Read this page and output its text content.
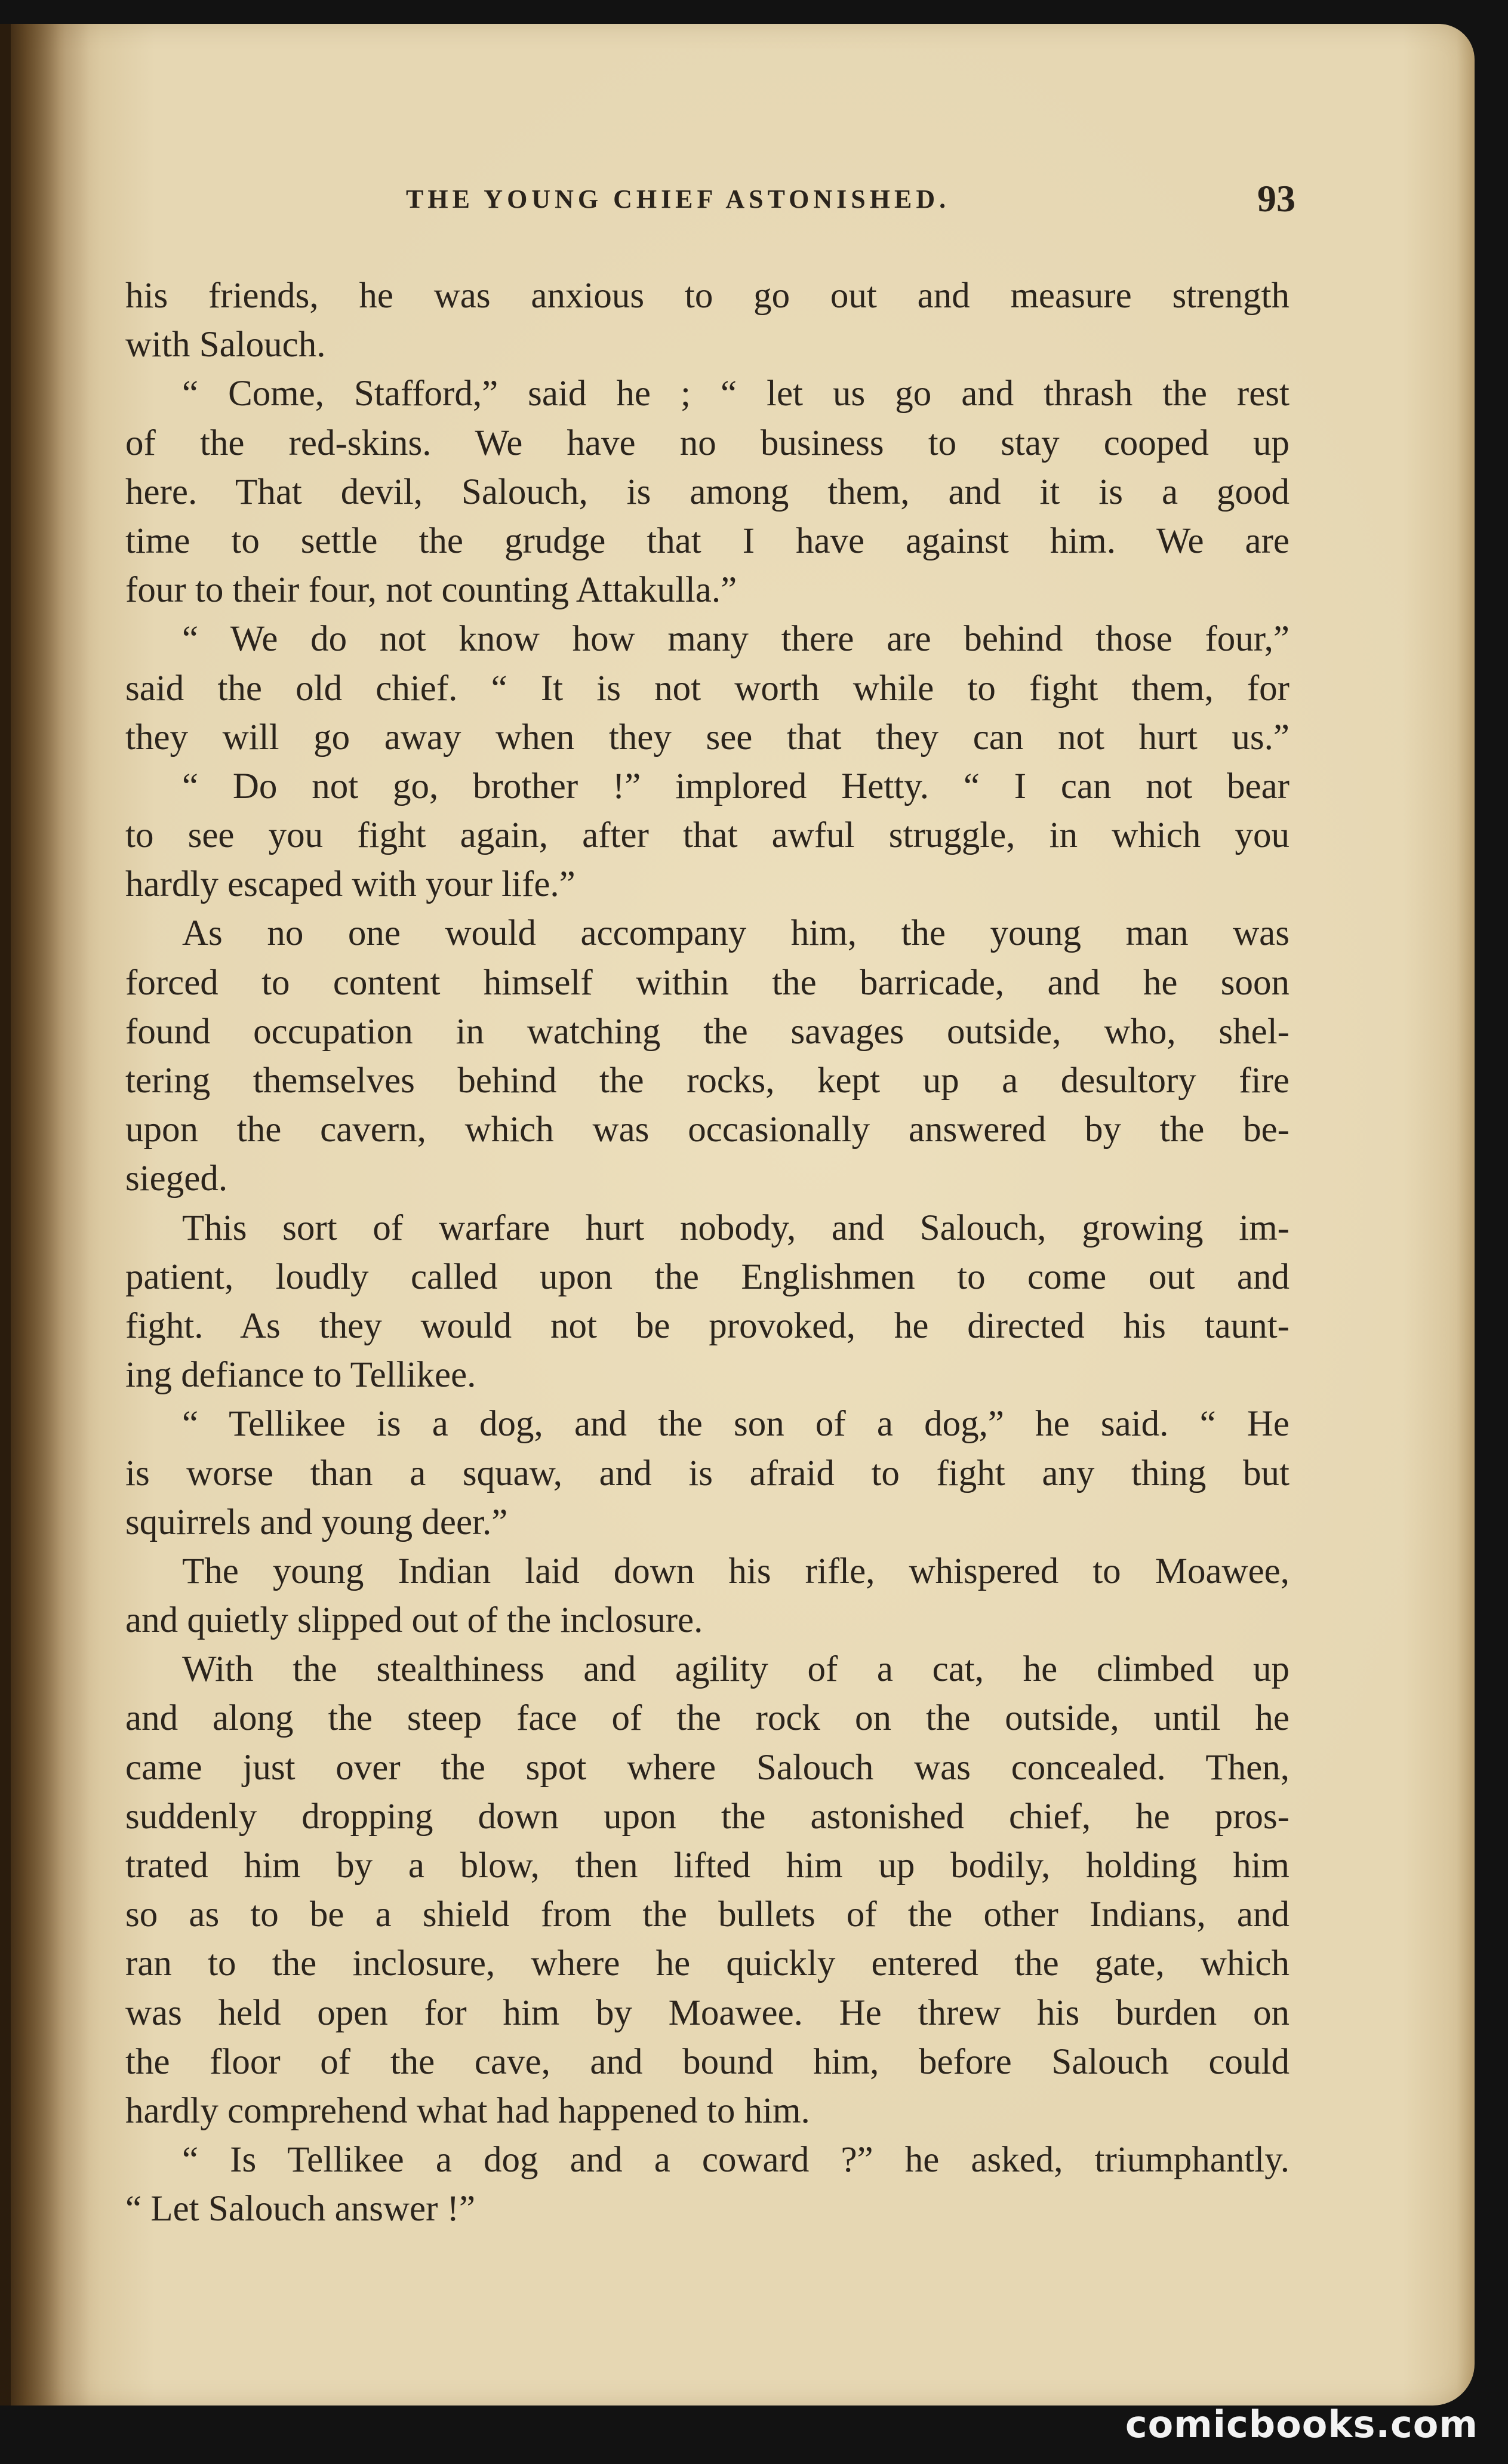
THE YOUNG CHIEF ASTONISHED.	93
his friends, he was anxious to go out and measure strength
with Salouch.
“ Come, Stafford,” said he ; “ let us go and thrash the rest
of the red-skins. We have no business to stay cooped up
here. That devil, Salouch, is among them, and it is a good
time to settle the grudge that I have against him. We are
four to their four, not counting Attakulla.”
“ We do not know how many there are behind those four,”
said the old chief. “ It is not worth while to fight them, for
they will go away when they see that they can not hurt us.”
“ Do not go, brother !” implored Hetty. “ I can not bear
to see you fight again, after that awful struggle, in which you
hardly escaped with your life.”
As no one would accompany him, the young man was
forced to content himself within the barricade, and he soon
found occupation in watching the savages outside, who, shel-
tering themselves behind the rocks, kept up a desultory fire
upon the cavern, which was occasionally answered by the be-
sieged.
This sort of warfare hurt nobody, and Salouch, growing im-
patient, loudly called upon the Englishmen to come out and
fight. As they would not be provoked, he directed his taunt-
ing defiance to Tellikee.
“ Tellikee is a dog, and the son of a dog,” he said. “ He
is worse than a squaw, and is afraid to fight any thing but
squirrels and young deer.”
The young Indian laid down his rifle, whispered to Moawee,
and quietly slipped out of the inclosure.
With the stealthiness and agility of a cat, he climbed up
and along the steep face of the rock on the outside, until he
came just over the spot where Salouch was concealed. Then,
suddenly dropping down upon the astonished chief, he pros-
trated him by a blow, then lifted him up bodily, holding him
so as to be a shield from the bullets of the other Indians, and
ran to the inclosure, where he quickly entered the gate, which
was held open for him by Moawee. He threw his burden on
the floor of the cave, and bound him, before Salouch could
hardly comprehend what had happened to him.
“ Is Tellikee a dog and a coward ?” he asked, triumphantly.
“ Let Salouch answer !”
comicbooks.com
